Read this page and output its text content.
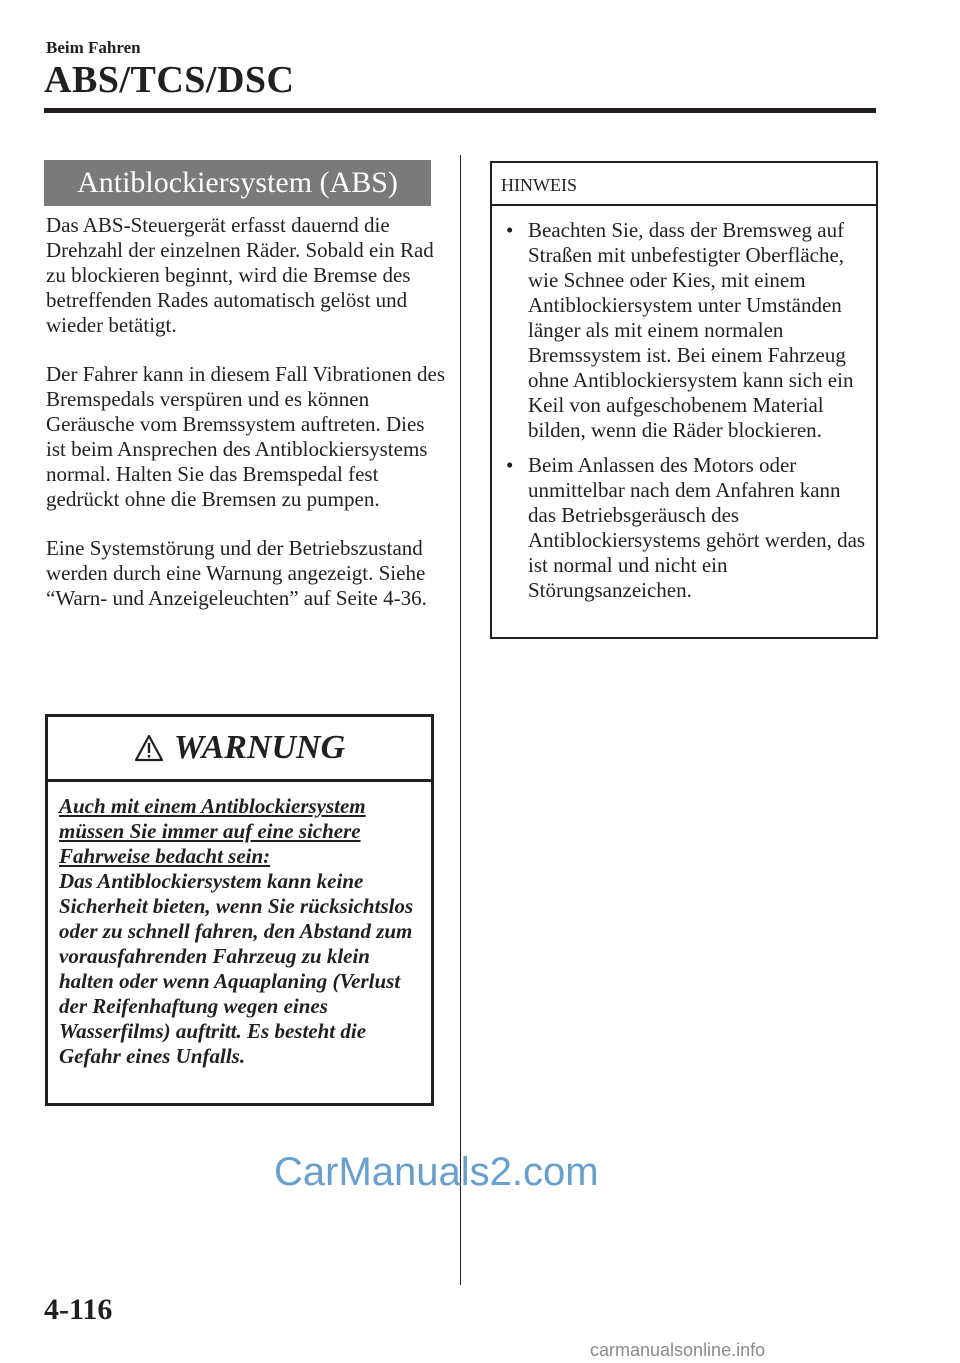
Beim Fahren
ABS/TCS/DSC
Antiblockiersystem (ABS)

Das ABS-Steuergerät erfasst dauernd die Drehzahl der einzelnen Räder. Sobald ein Rad zu blockieren beginnt, wird die Bremse des betreffenden Rades automatisch gelöst und wieder betätigt.

Der Fahrer kann in diesem Fall Vibrationen des Bremspedals verspüren und es können Geräusche vom Bremssystem auftreten. Dies ist beim Ansprechen des Antiblockiersystems normal. Halten Sie das Bremspedal fest gedrückt ohne die Bremsen zu pumpen.

Eine Systemstörung und der Betriebszustand werden durch eine Warnung angezeigt. Siehe “Warn- und Anzeigeleuchten” auf Seite 4-36.

WARNUNG
Auch mit einem Antiblockiersystem müssen Sie immer auf eine sichere Fahrweise bedacht sein:
Das Antiblockiersystem kann keine Sicherheit bieten, wenn Sie rücksichtslos oder zu schnell fahren, den Abstand zum vorausfahrenden Fahrzeug zu klein halten oder wenn Aquaplaning (Verlust der Reifenhaftung wegen eines Wasserfilms) auftritt. Es besteht die Gefahr eines Unfalls.
HINWEIS
• Beachten Sie, dass der Bremsweg auf Straßen mit unbefestigter Oberfläche, wie Schnee oder Kies, mit einem Antiblockiersystem unter Umständen länger als mit einem normalen Bremssystem ist. Bei einem Fahrzeug ohne Antiblockiersystem kann sich ein Keil von aufgeschobenem Material bilden, wenn die Räder blockieren.
• Beim Anlassen des Motors oder unmittelbar nach dem Anfahren kann das Betriebsgeräusch des Antiblockiersystems gehört werden, das ist normal und nicht ein Störungsanzeichen.
CarManuals2.com
4-116
carmanualsonline.info
